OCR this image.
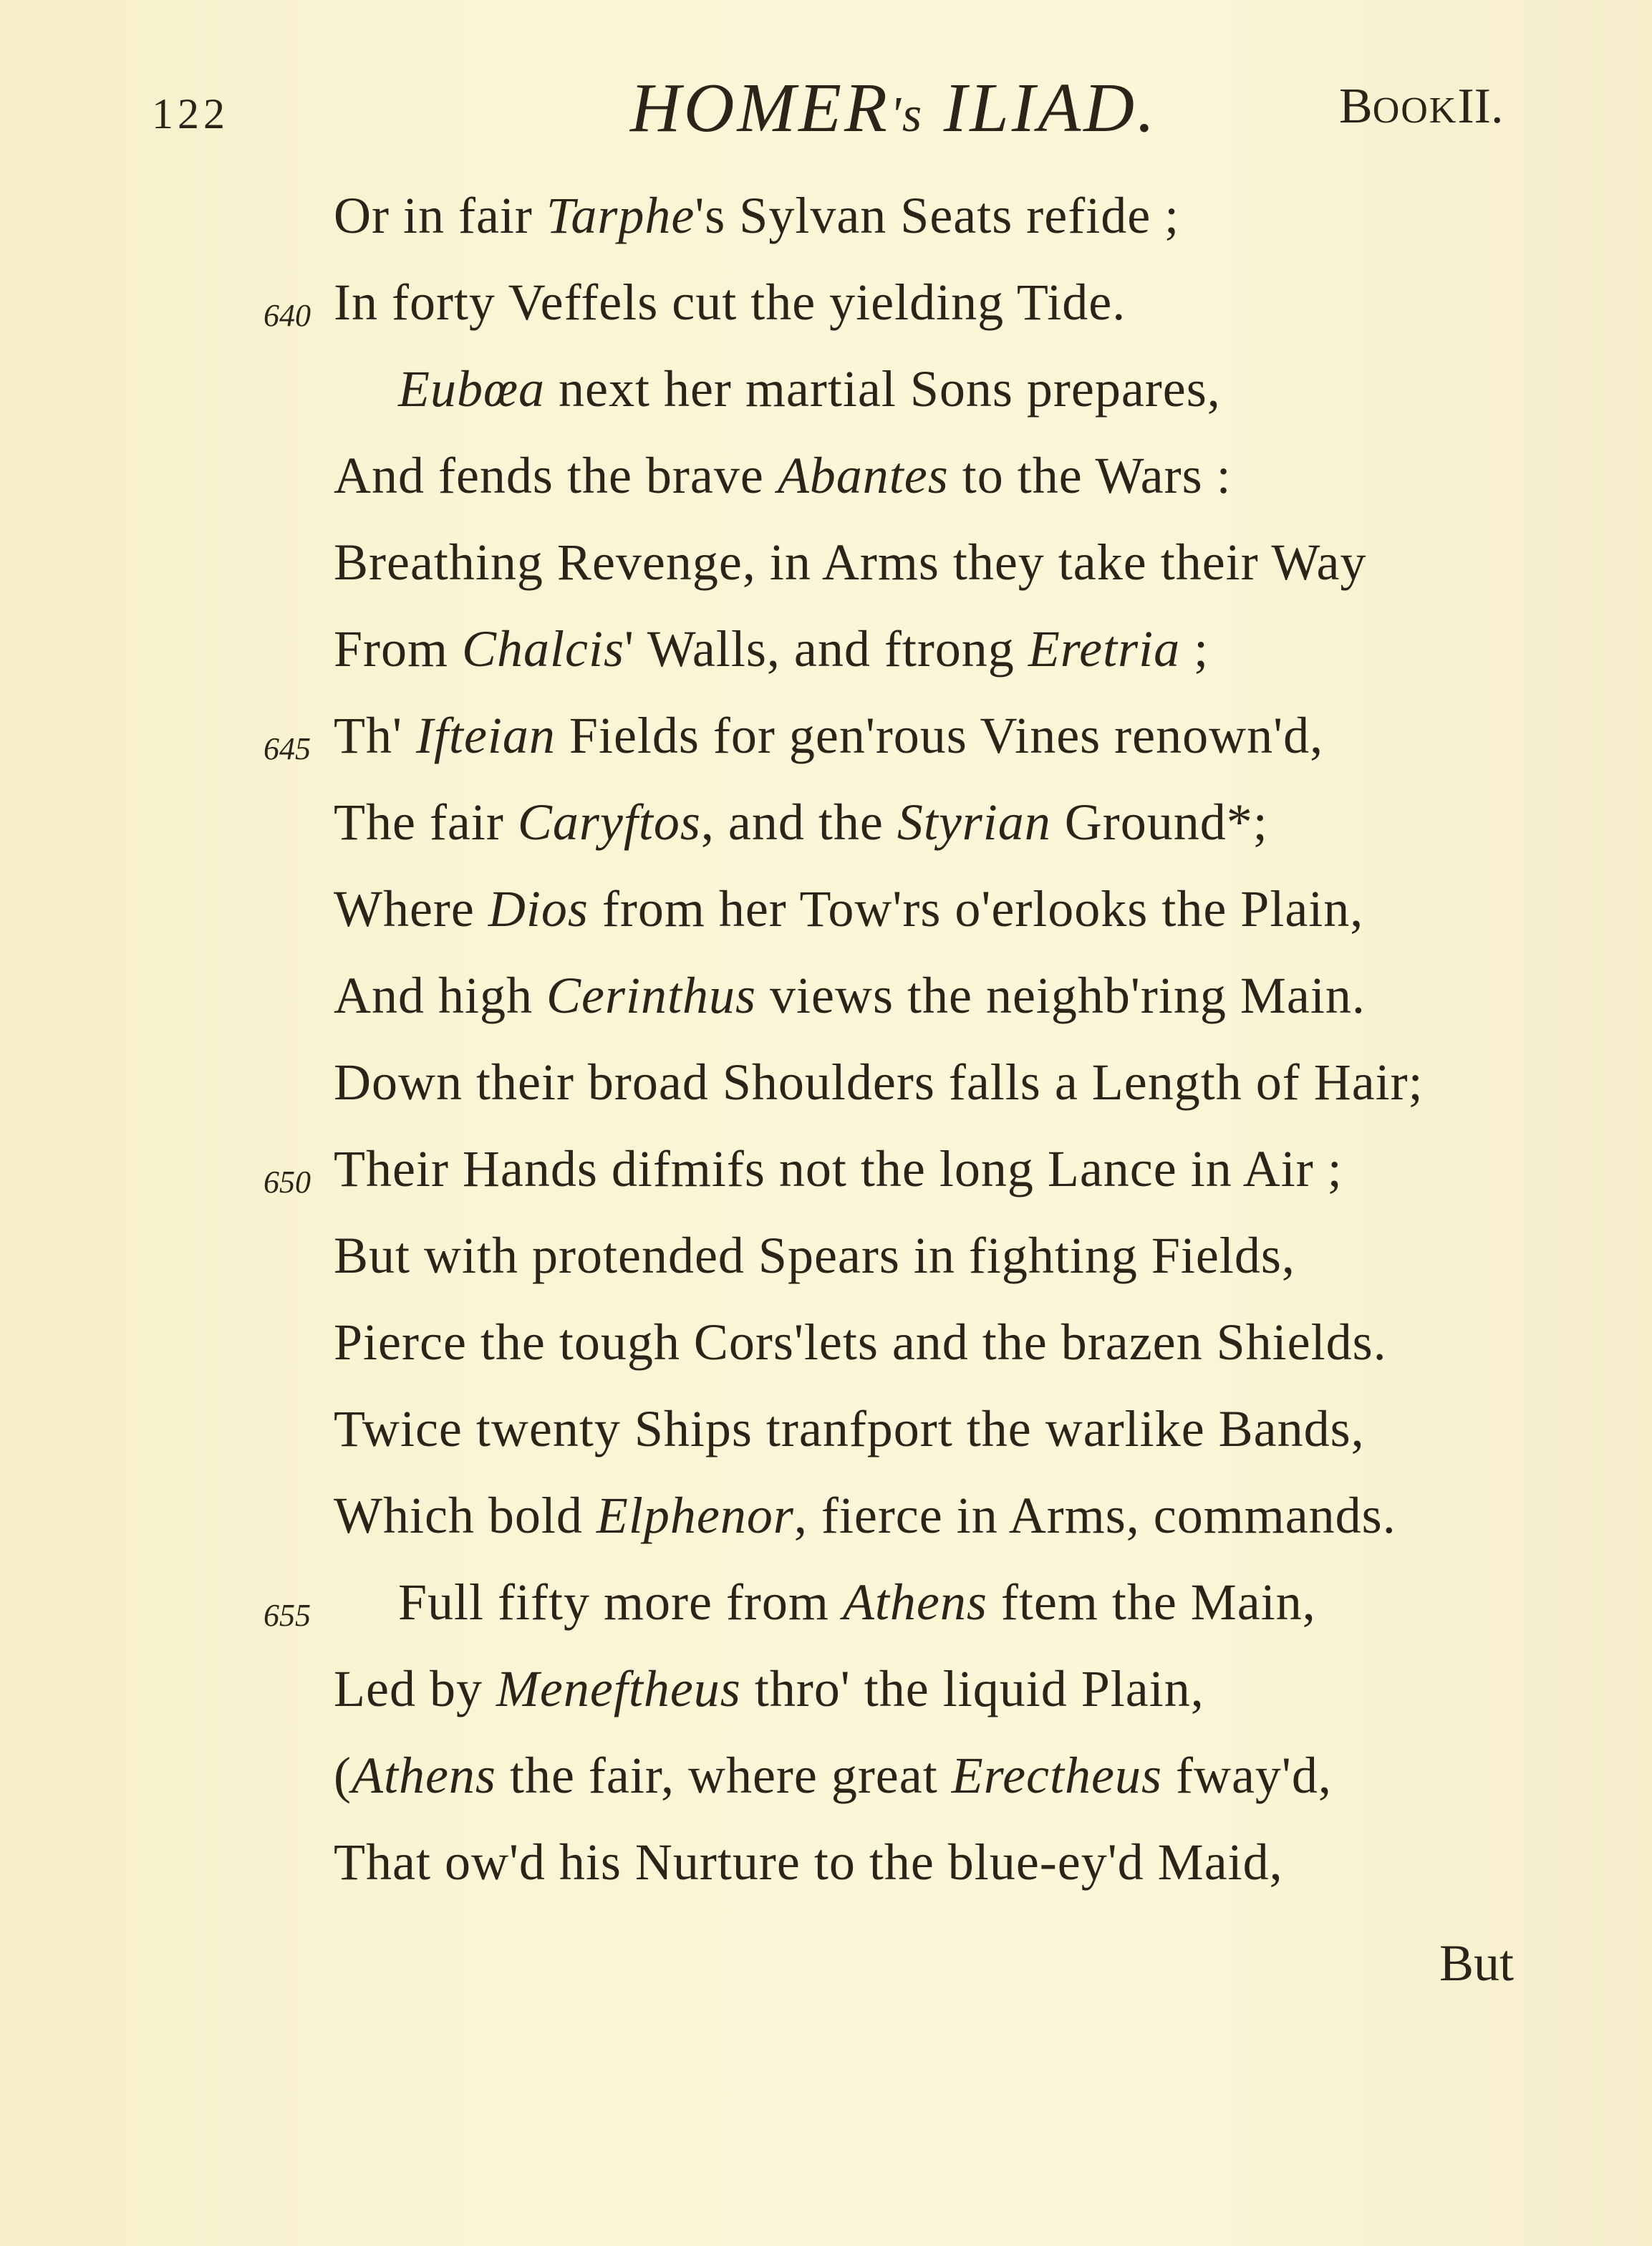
122	HOMER's ILIAD.	BOOKII.
Or in fair Tarphe's Sylvan Seats refide ;
640 In forty Veffels cut the yielding Tide.
Eubœa next her martial Sons prepares,
And fends the brave Abantes to the Wars :
Breathing Revenge, in Arms they take their Way
From Chalcis' Walls, and ftrong Eretria ;
645 Th' Ifteian Fields for gen'rous Vines renown'd,
The fair Caryftos, and the Styrian Ground*;
Where Dios from her Tow'rs o'erlooks the Plain,
And high Cerinthus views the neighb'ring Main.
Down their broad Shoulders falls a Length of Hair;
650 Their Hands difmifs not the long Lance in Air ;
But with protended Spears in fighting Fields,
Pierce the tough Cors'lets and the brazen Shields.
Twice twenty Ships tranfport the warlike Bands,
Which bold Elphenor, fierce in Arms, commands.
655 Full fifty more from Athens ftem the Main,
Led by Meneftheus thro' the liquid Plain,
(Athens the fair, where great Erectheus fway'd,
That ow'd his Nurture to the blue-ey'd Maid,
But
